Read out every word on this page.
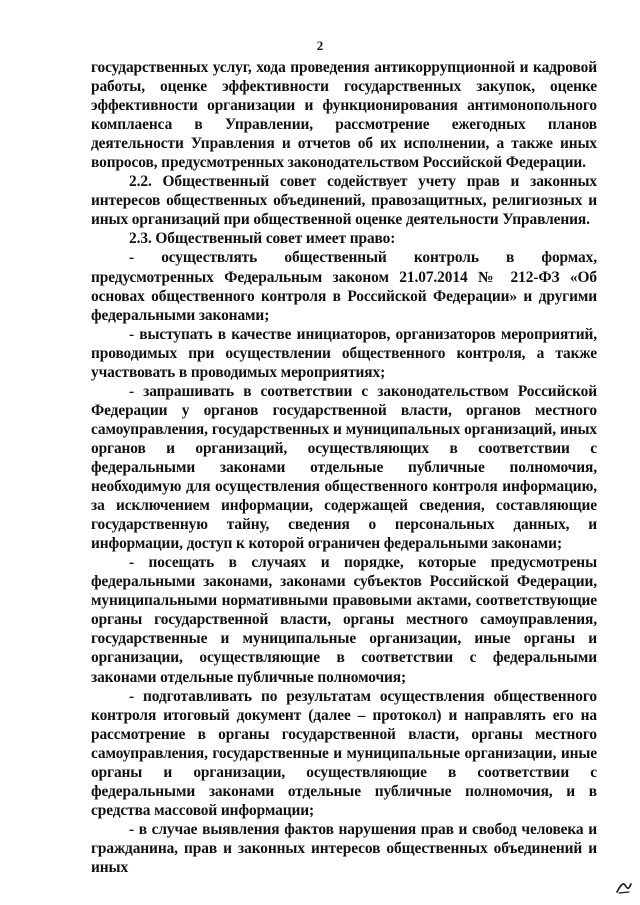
2

государственных услуг, хода проведения антикоррупционной и кадровой работы, оценке эффективности государственных закупок, оценке эффективности организации и функционирования антимонопольного комплаенса в Управлении, рассмотрение ежегодных планов деятельности Управления и отчетов об их исполнении, а также иных вопросов, предусмотренных законодательством Российской Федерации.

2.2. Общественный совет содействует учету прав и законных интересов общественных объединений, правозащитных, религиозных и иных организаций при общественной оценке деятельности Управления.

2.3. Общественный совет имеет право:

- осуществлять общественный контроль в формах, предусмотренных Федеральным законом 21.07.2014 № 212-ФЗ «Об основах общественного контроля в Российской Федерации» и другими федеральными законами;

- выступать в качестве инициаторов, организаторов мероприятий, проводимых при осуществлении общественного контроля, а также участвовать в проводимых мероприятиях;

- запрашивать в соответствии с законодательством Российской Федерации у органов государственной власти, органов местного самоуправления, государственных и муниципальных организаций, иных органов и организаций, осуществляющих в соответствии с федеральными законами отдельные публичные полномочия, необходимую для осуществления общественного контроля информацию, за исключением информации, содержащей сведения, составляющие государственную тайну, сведения о персональных данных, и информации, доступ к которой ограничен федеральными законами;

- посещать в случаях и порядке, которые предусмотрены федеральными законами, законами субъектов Российской Федерации, муниципальными нормативными правовыми актами, соответствующие органы государственной власти, органы местного самоуправления, государственные и муниципальные организации, иные органы и организации, осуществляющие в соответствии с федеральными законами отдельные публичные полномочия;

- подготавливать по результатам осуществления общественного контроля итоговый документ (далее – протокол) и направлять его на рассмотрение в органы государственной власти, органы местного самоуправления, государственные и муниципальные организации, иные органы и организации, осуществляющие в соответствии с федеральными законами отдельные публичные полномочия, и в средства массовой информации;

- в случае выявления фактов нарушения прав и свобод человека и гражданина, прав и законных интересов общественных объединений и иных
